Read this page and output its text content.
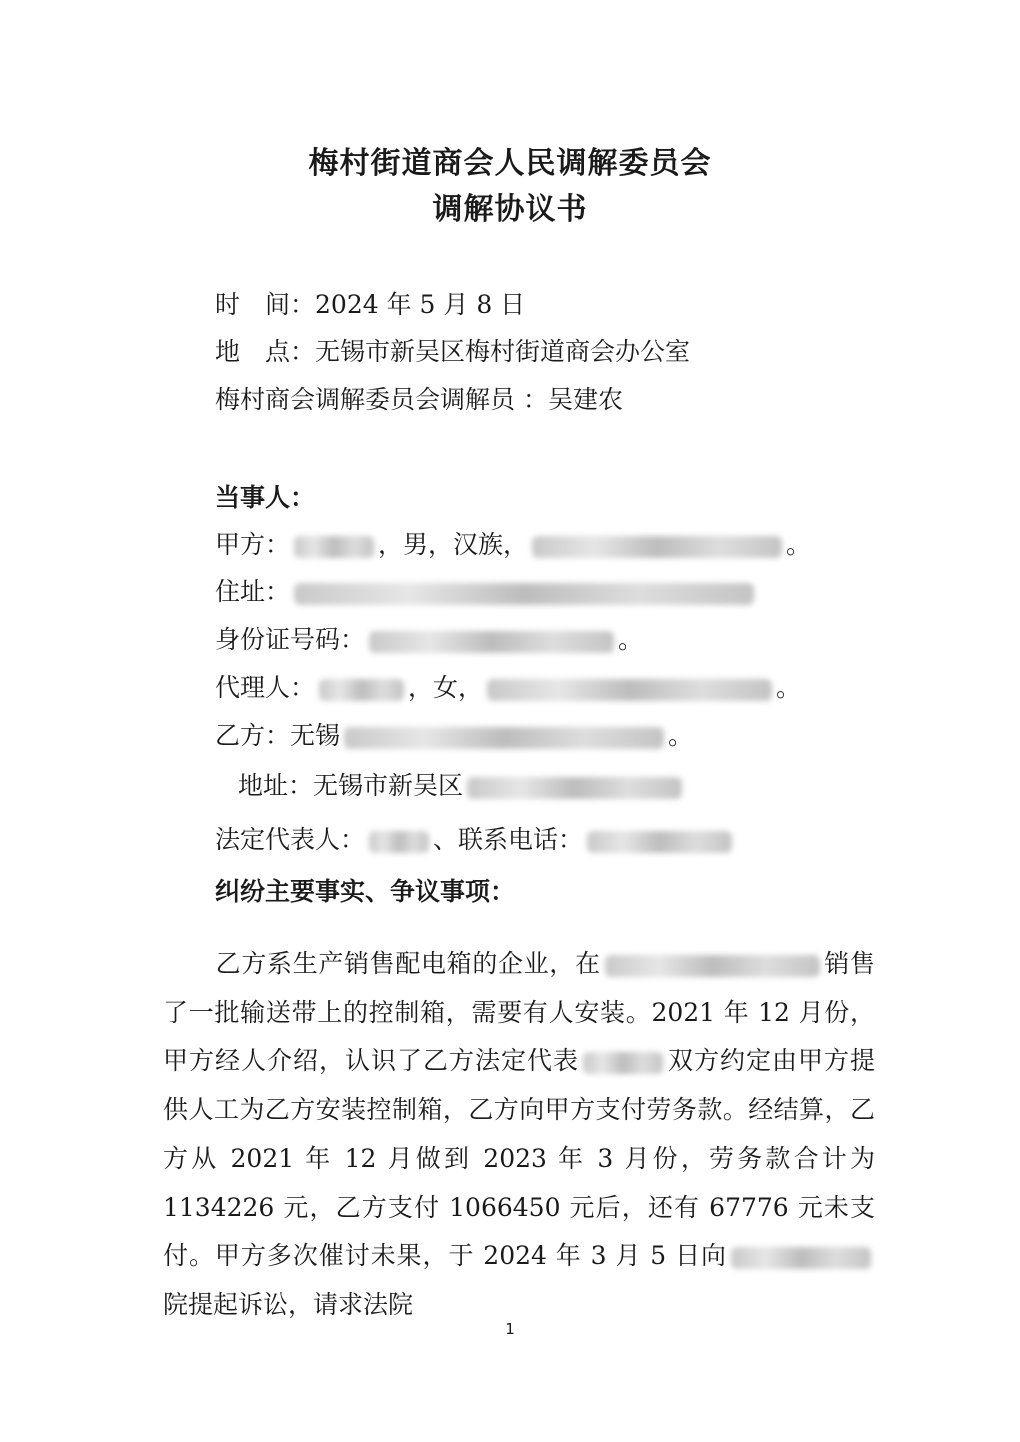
梅村街道商会人民调解委员会
调解协议书
时　间：2024 年 5 月 8 日
地　点：无锡市新吴区梅村街道商会办公室
梅村商会调解委员会调解员 ：吴建农
当事人：
甲方：	，男，汉族，	。
住址：
身份证号码：	。
代理人：	，女，	。
乙方：无锡	。
地址：无锡市新吴区
法定代表人：	、联系电话：
纠纷主要事实、争议事项：
乙方系生产销售配电箱的企业，在	销售了一批输送带上的控制箱，需要有人安装。2021 年 12 月份，甲方经人介绍，认识了乙方法定代表	双方约定由甲方提供人工为乙方安装控制箱，乙方向甲方支付劳务款。经结算，乙方从 2021 年 12 月做到 2023 年 3 月份，劳务款合计为 1134226 元，乙方支付 1066450 元后，还有 67776 元未支付。甲方多次催讨未果，于 2024 年 3 月 5 日向院提起诉讼，请求法院
1
